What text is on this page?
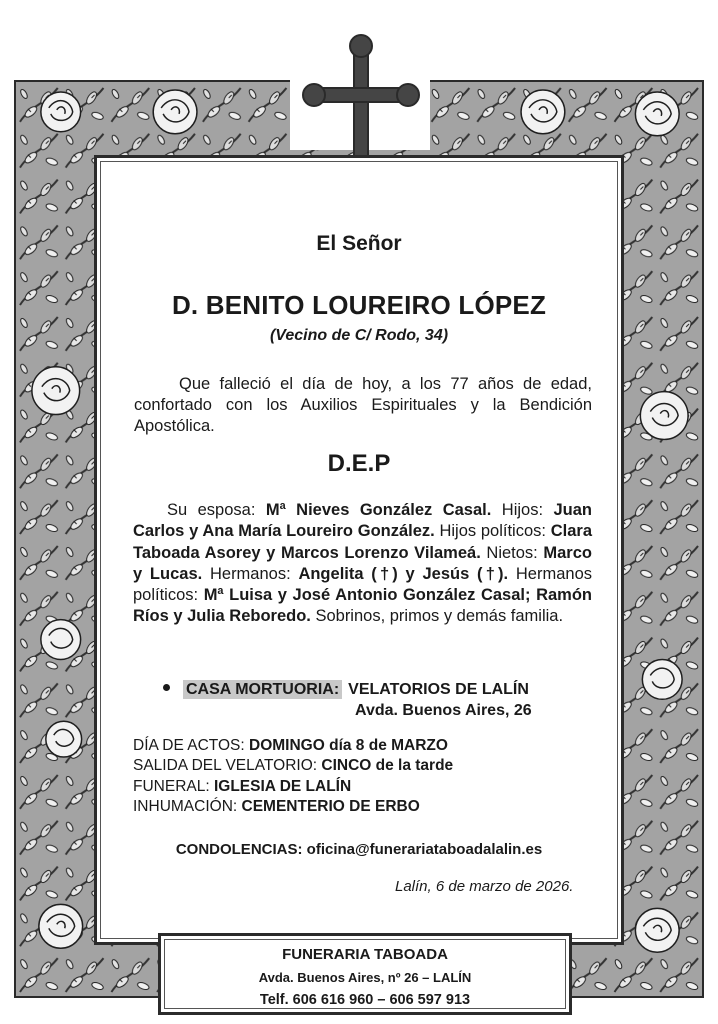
El Señor
D. BENITO LOUREIRO LÓPEZ
(Vecino de C/ Rodo, 34)
Que falleció el día de hoy, a los 77 años de edad, confortado con los Auxilios Espirituales y la Bendición Apostólica.
D.E.P
Su esposa: Mª Nieves González Casal. Hijos: Juan Carlos y Ana María Loureiro González. Hijos políticos: Clara Taboada Asorey y Marcos Lorenzo Vilameá. Nietos: Marco y Lucas. Hermanos: Angelita (†) y Jesús (†). Hermanos políticos: Mª Luisa y José Antonio González Casal; Ramón Ríos y Julia Reboredo. Sobrinos, primos y demás familia.
CASA MORTUORIA: VELATORIOS DE LALÍN
Avda. Buenos Aires, 26
DÍA DE ACTOS: DOMINGO día 8 de MARZO
SALIDA DEL VELATORIO: CINCO de la tarde
FUNERAL: IGLESIA DE LALÍN
INHUMACIÓN: CEMENTERIO DE ERBO
CONDOLENCIAS: oficina@funerariataboadalalin.es
Lalín, 6 de marzo de 2026.
FUNERARIA TABOADA
Avda. Buenos Aires, nº 26 – LALÍN
Telf. 606 616 960 – 606 597 913
